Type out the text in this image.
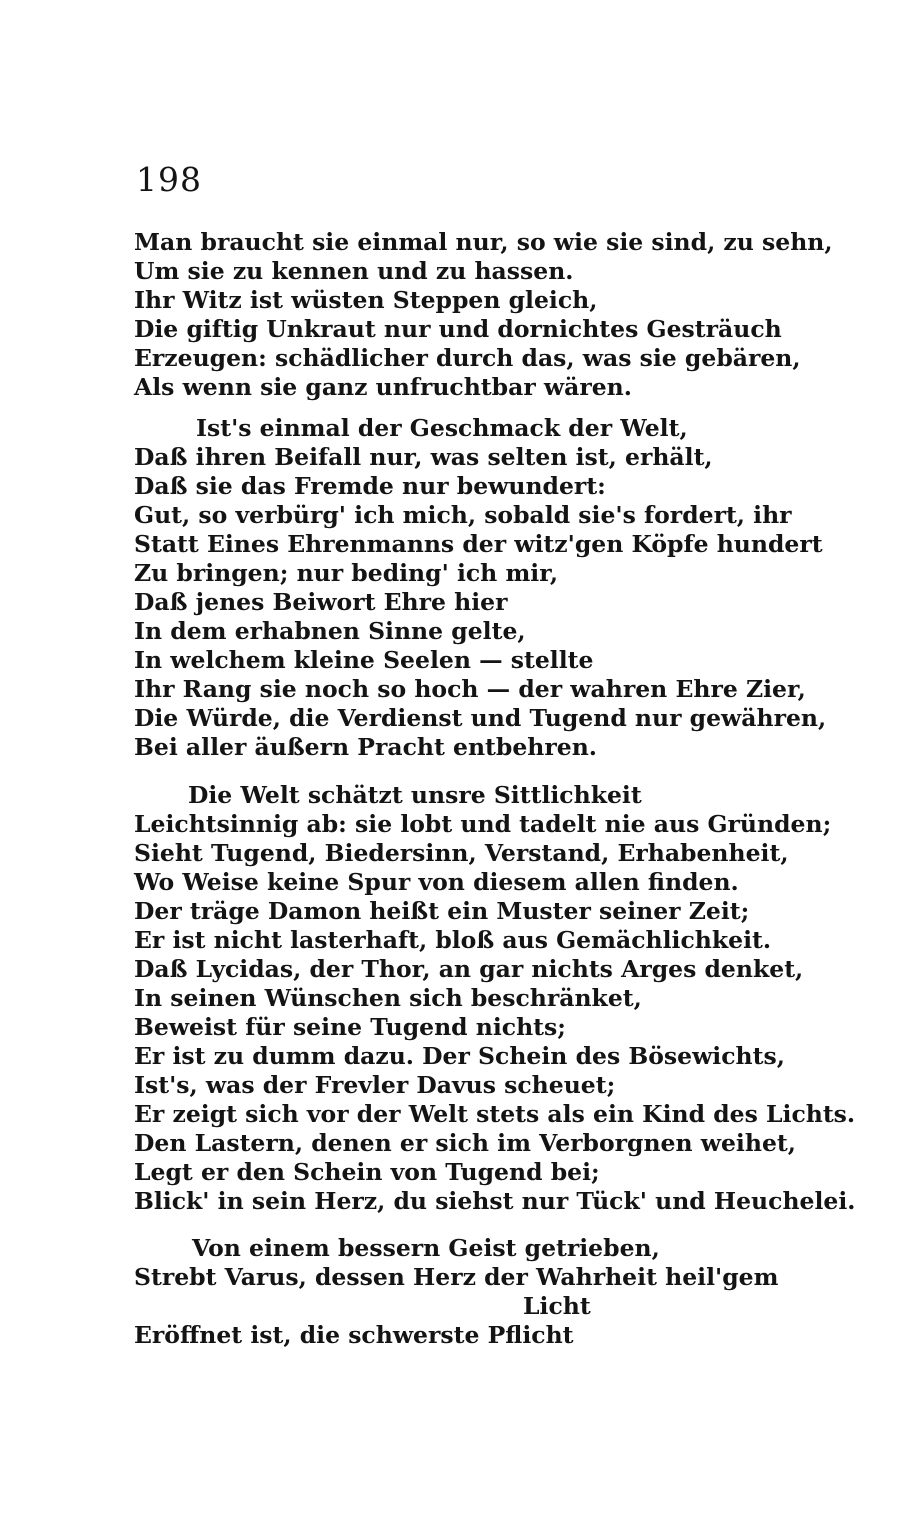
198
Man braucht sie einmal nur, so wie sie sind, zu sehn,
Um sie zu kennen und zu hassen.
Ihr Witz ist wüsten Steppen gleich,
Die giftig Unkraut nur und dornichtes Gesträuch
Erzeugen: schädlicher durch das, was sie gebären,
Als wenn sie ganz unfruchtbar wären.
Ist's einmal der Geschmack der Welt,
Daß ihren Beifall nur, was selten ist, erhält,
Daß sie das Fremde nur bewundert:
Gut, so verbürg' ich mich, sobald sie's fordert, ihr
Statt Eines Ehrenmanns der witz'gen Köpfe hundert
Zu bringen; nur beding' ich mir,
Daß jenes Beiwort Ehre hier
In dem erhabnen Sinne gelte,
In welchem kleine Seelen — stellte
Ihr Rang sie noch so hoch — der wahren Ehre Zier,
Die Würde, die Verdienst und Tugend nur gewähren,
Bei aller äußern Pracht entbehren.
Die Welt schätzt unsre Sittlichkeit
Leichtsinnig ab: sie lobt und tadelt nie aus Gründen;
Sieht Tugend, Biedersinn, Verstand, Erhabenheit,
Wo Weise keine Spur von diesem allen finden.
Der träge Damon heißt ein Muster seiner Zeit;
Er ist nicht lasterhaft, bloß aus Gemächlichkeit.
Daß Lycidas, der Thor, an gar nichts Arges denket,
In seinen Wünschen sich beschränket,
Beweist für seine Tugend nichts;
Er ist zu dumm dazu. Der Schein des Bösewichts,
Ist's, was der Frevler Davus scheuet;
Er zeigt sich vor der Welt stets als ein Kind des Lichts.
Den Lastern, denen er sich im Verborgnen weihet,
Legt er den Schein von Tugend bei;
Blick' in sein Herz, du siehst nur Tück' und Heuchelei.
Von einem bessern Geist getrieben,
Strebt Varus, dessen Herz der Wahrheit heil'gem
Licht
Eröffnet ist, die schwerste Pflicht
